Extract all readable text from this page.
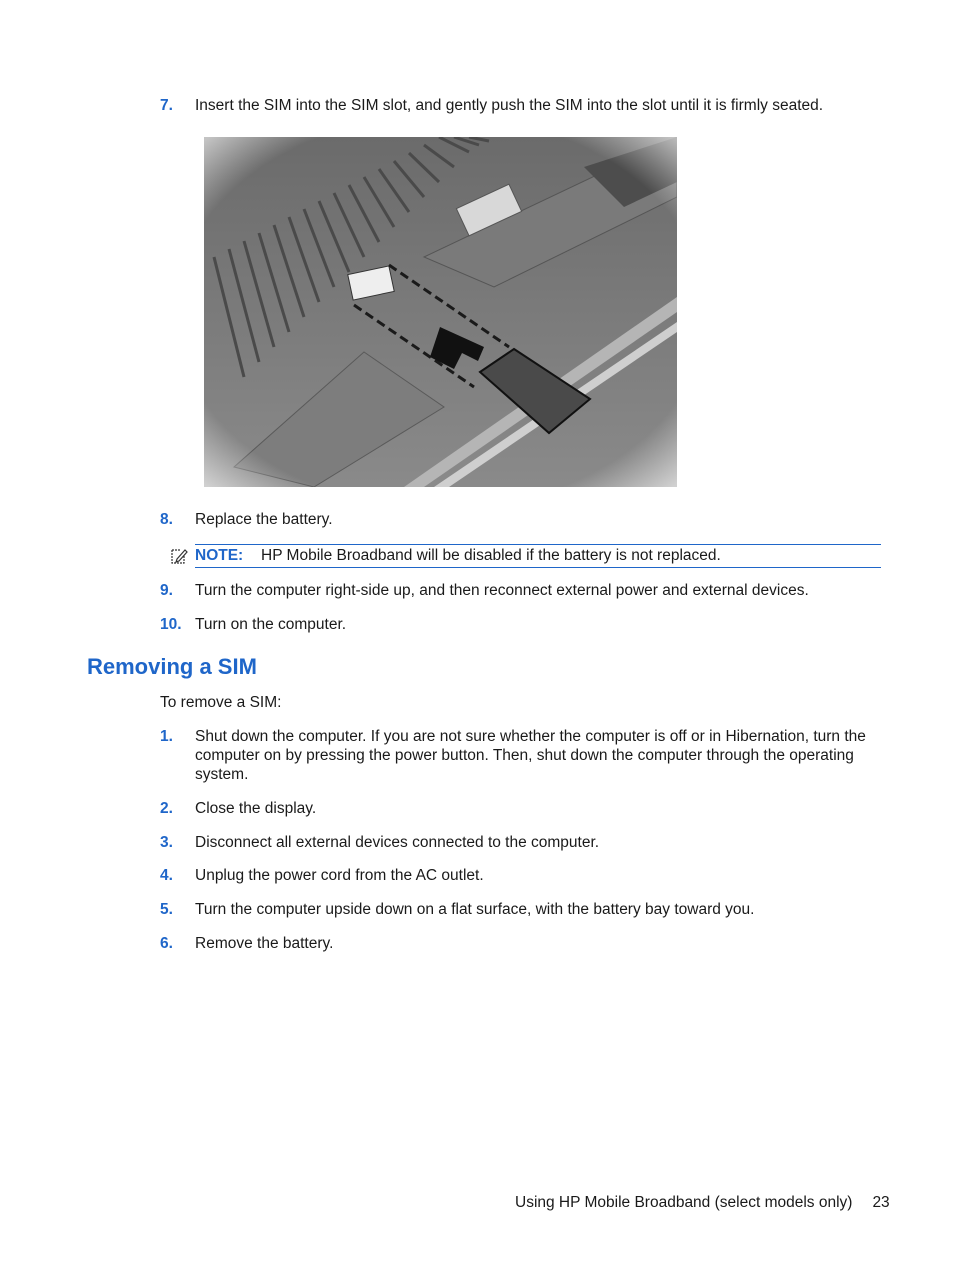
7. Insert the SIM into the SIM slot, and gently push the SIM into the slot until it is firmly seated.
8. Replace the battery.
NOTE: HP Mobile Broadband will be disabled if the battery is not replaced.
9. Turn the computer right-side up, and then reconnect external power and external devices.
10. Turn on the computer.
Removing a SIM
To remove a SIM:
1. Shut down the computer. If you are not sure whether the computer is off or in Hibernation, turn the computer on by pressing the power button. Then, shut down the computer through the operating system.
2. Close the display.
3. Disconnect all external devices connected to the computer.
4. Unplug the power cord from the AC outlet.
5. Turn the computer upside down on a flat surface, with the battery bay toward you.
6. Remove the battery.
Using HP Mobile Broadband (select models only) 23
